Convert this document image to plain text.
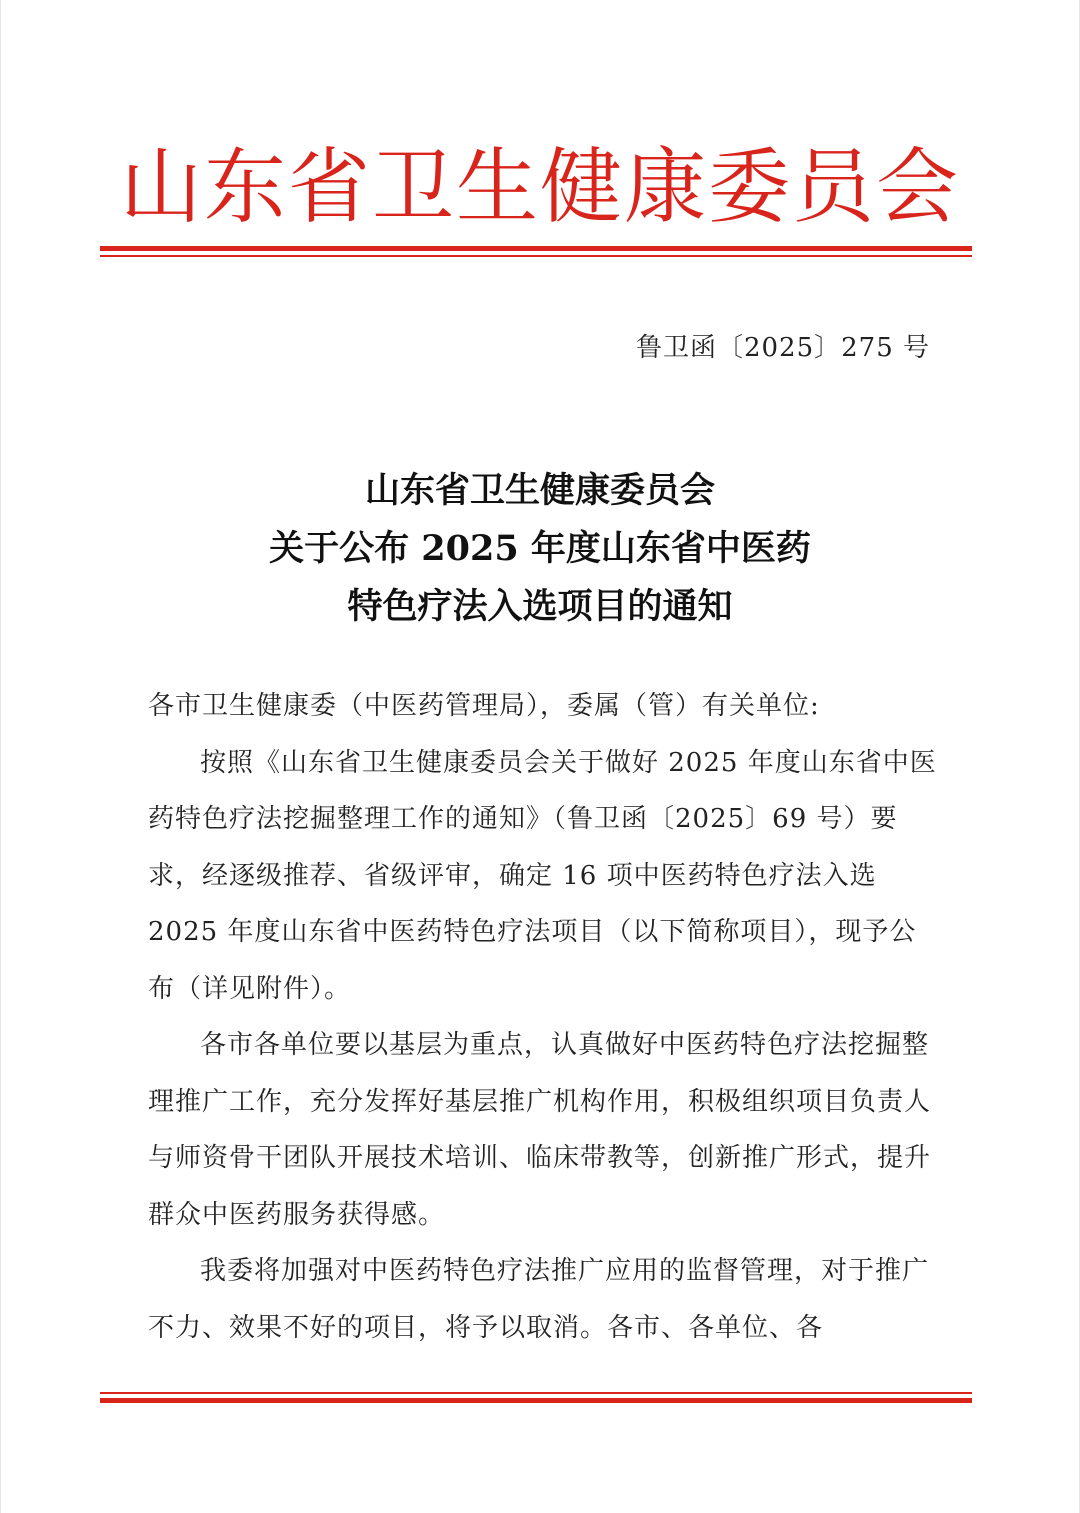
山东省卫生健康委员会
鲁卫函〔2025〕275 号
山东省卫生健康委员会
关于公布 2025 年度山东省中医药
特色疗法入选项目的通知

各市卫生健康委（中医药管理局），委属（管）有关单位:

按照《山东省卫生健康委员会关于做好 2025 年度山东省中医药特色疗法挖掘整理工作的通知》（鲁卫函〔2025〕69 号）要求，经逐级推荐、省级评审，确定 16 项中医药特色疗法入选 2025 年度山东省中医药特色疗法项目（以下简称项目），现予公布（详见附件）。

各市各单位要以基层为重点，认真做好中医药特色疗法挖掘整理推广工作，充分发挥好基层推广机构作用，积极组织项目负责人与师资骨干团队开展技术培训、临床带教等，创新推广形式，提升群众中医药服务获得感。

我委将加强对中医药特色疗法推广应用的监督管理，对于推广不力、效果不好的项目，将予以取消。各市、各单位、各
